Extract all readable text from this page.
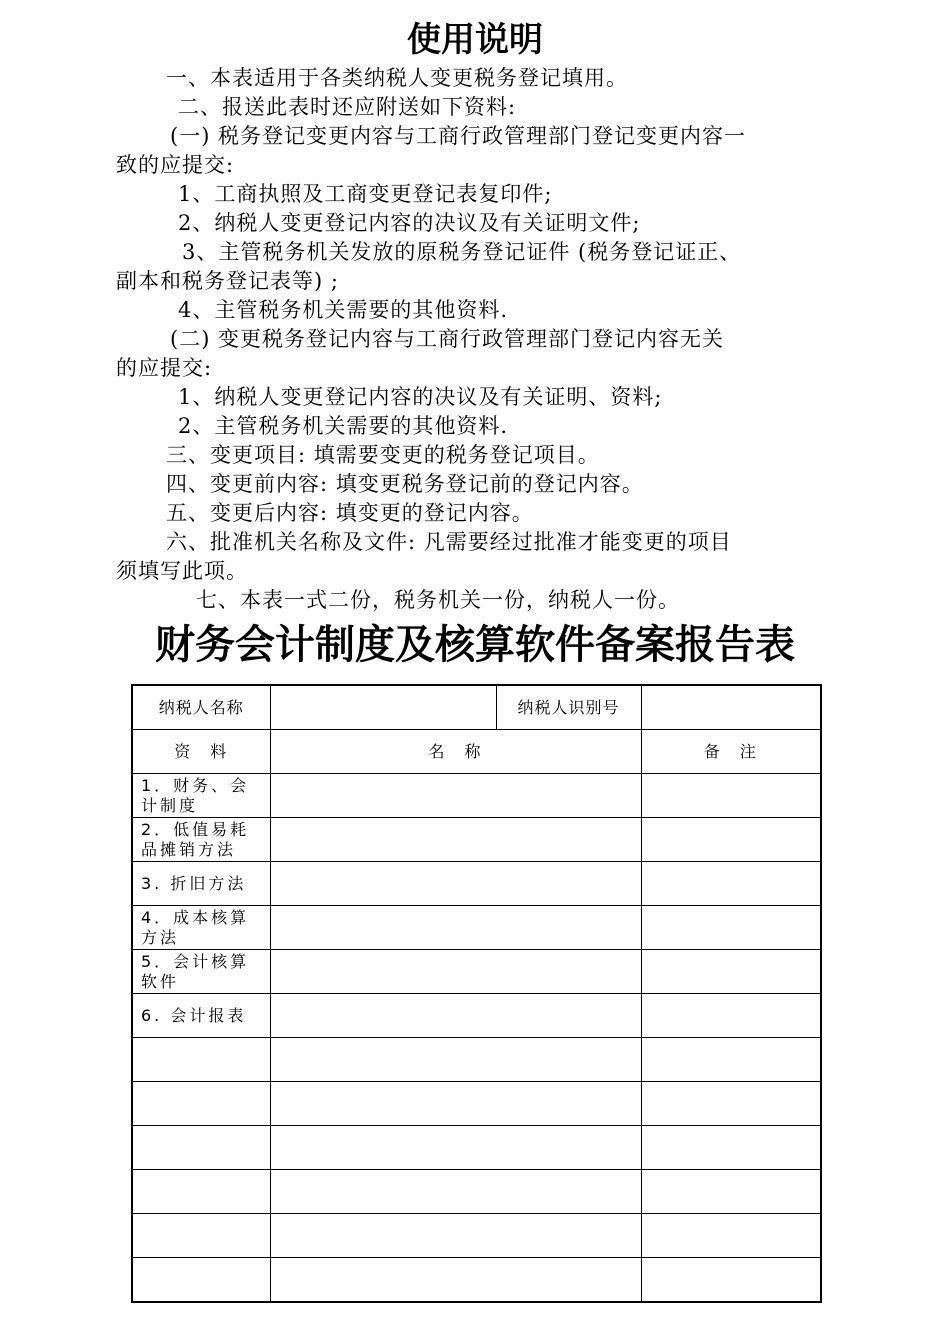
使用说明
一、本表适用于各类纳税人变更税务登记填用。
二、报送此表时还应附送如下资料:
(一) 税务登记变更内容与工商行政管理部门登记变更内容一
致的应提交:
1、工商执照及工商变更登记表复印件;
2、纳税人变更登记内容的决议及有关证明文件;
3、主管税务机关发放的原税务登记证件 (税务登记证正、
副本和税务登记表等) ;
4、主管税务机关需要的其他资料.
(二) 变更税务登记内容与工商行政管理部门登记内容无关
的应提交:
1、纳税人变更登记内容的决议及有关证明、资料;
2、主管税务机关需要的其他资料.
三、变更项目: 填需要变更的税务登记项目。
四、变更前内容: 填变更税务登记前的登记内容。
五、变更后内容: 填变更的登记内容。
六、批准机关名称及文件: 凡需要经过批准才能变更的项目
须填写此项。
七、本表一式二份，税务机关一份，纳税人一份。
财务会计制度及核算软件备案报告表
纳税人名称		纳税人识别号	
资　料	名　称		备　注
1．财务、会计制度			
2．低值易耗品摊销方法			
3. 折旧方法			
4．成本核算方法			
5．会计核算软件			
6. 会计报表			
